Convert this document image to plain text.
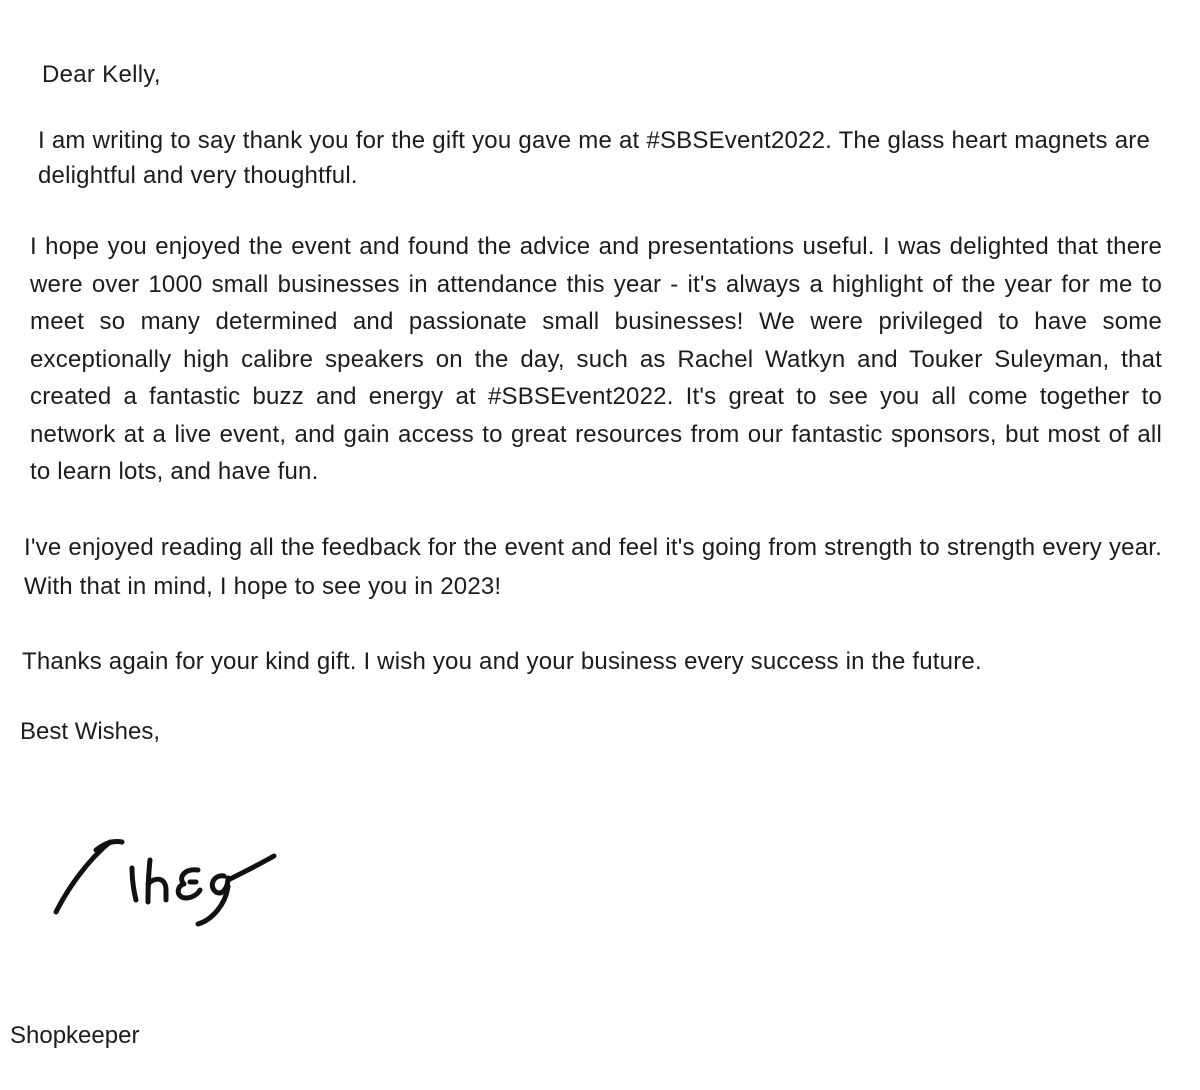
Dear Kelly,

I am writing to say thank you for the gift you gave me at #SBSEvent2022. The glass heart magnets are delightful and very thoughtful.

I hope you enjoyed the event and found the advice and presentations useful. I was delighted that there were over 1000 small businesses in attendance this year - it's always a highlight of the year for me to meet so many determined and passionate small businesses! We were privileged to have some exceptionally high calibre speakers on the day, such as Rachel Watkyn and Touker Suleyman, that created a fantastic buzz and energy at #SBSEvent2022. It's great to see you all come together to network at a live event, and gain access to great resources from our fantastic sponsors, but most of all to learn lots, and have fun.

I've enjoyed reading all the feedback for the event and feel it's going from strength to strength every year. With that in mind, I hope to see you in 2023!

Thanks again for your kind gift. I wish you and your business every success in the future.

Best Wishes,
Shopkeeper
